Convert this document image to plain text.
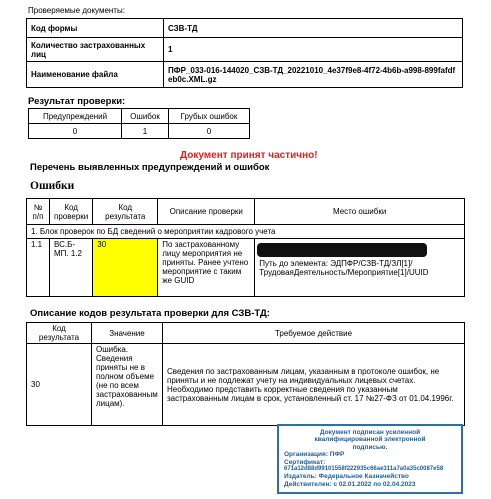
Проверяемые документы:
Код формы	СЗВ-ТД
Количество застрахованных лиц	1
Наименование файла	ПФР_033-016-144020_СЗВ-ТД_20221010_4e37f9e8-4f72-4b6b-a998-899fafdfeb0c.XML.gz
Результат проверки:
Предупреждений	Ошибок	Грубых ошибок
0	1	0
Документ принят частично!
Перечень выявленных предупреждений и ошибок
Ошибки
№ п/п	Код проверки	Код результата	Описание проверки	Место ошибки
1. Блок проверок по БД сведений о мероприятии кадрового учета				
1.1	ВС.Б-МП. 1.2	30	По застрахованному лицу мероприятия не приняты. Ранее учтено мероприятие с таким же GUID	Путь до элемента: ЭДПФР/СЗВ-ТД/ЗЛ[1]/ТрудоваяДеятельность/Мероприятие[1]/UUID
Описание кодов результата проверки для СЗВ-ТД:
Код результата	Значение	Требуемое действие
30	Ошибка. Сведения приняты не в полном объеме (не по всем застрахованным лицам).	Сведения по застрахованным лицам, указанным в протоколе ошибок, не приняты и не подлежат учету на индивидуальных лицевых счетах. Необходимо представить корректные сведения по указанным застрахованным лицам в срок, установленный ст. 17 №27-ФЗ от 01.04.1996г.
Документ подписан усиленной квалифицированной электронной подписью.
Организация: ПФР
Сертификат:
671a12d88d99101558f222935c66ae311a7a0a35c0087e58
Издатель: Федеральное Казначейство
Действителен: с 02.01.2022 по 02.04.2023
